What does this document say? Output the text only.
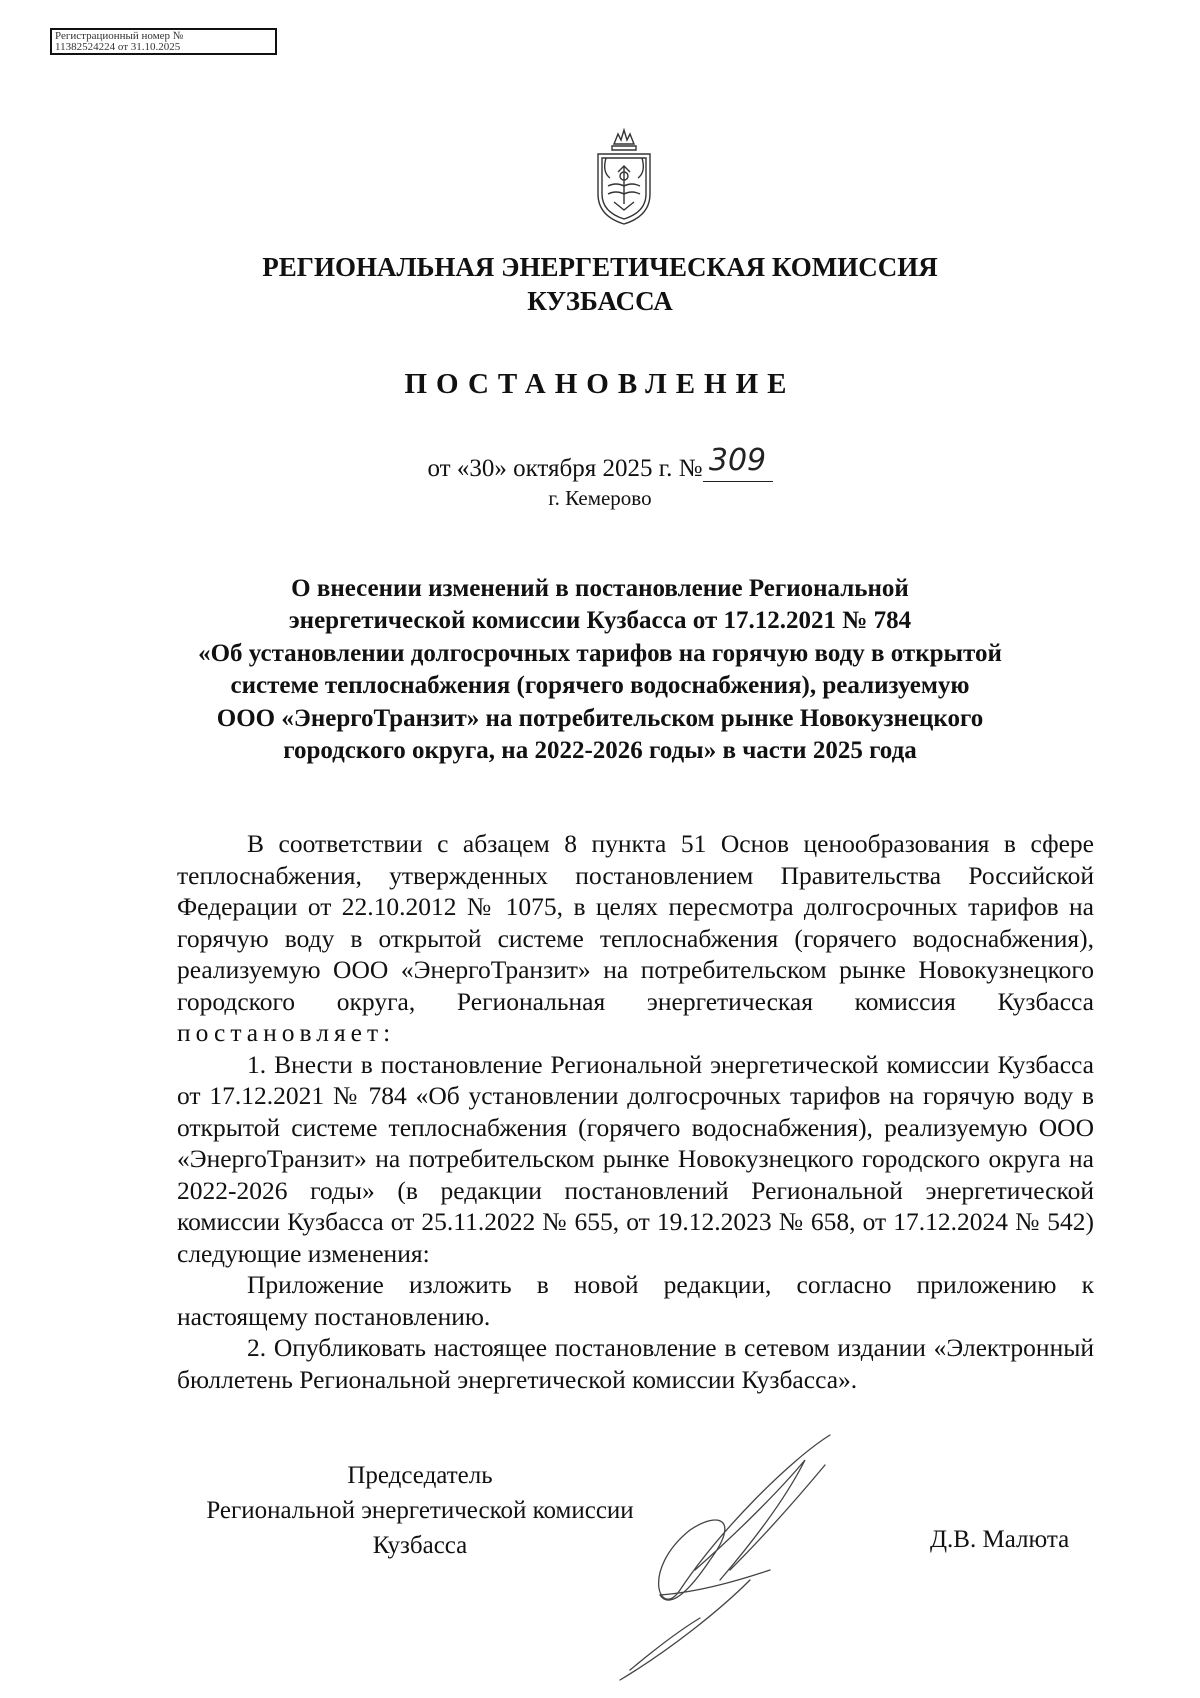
Регистрационный номер №
11382524224 от 31.10.2025
РЕГИОНАЛЬНАЯ ЭНЕРГЕТИЧЕСКАЯ КОМИССИЯ
КУЗБАССА
ПОСТАНОВЛЕНИЕ
от «30» октября 2025 г. № 309
г. Кемерово
О внесении изменений в постановление Региональной
энергетической комиссии Кузбасса от 17.12.2021 № 784
«Об установлении долгосрочных тарифов на горячую воду в открытой
системе теплоснабжения (горячего водоснабжения), реализуемую
ООО «ЭнергоТранзит» на потребительском рынке Новокузнецкого
городского округа, на 2022-2026 годы» в части 2025 года

В соответствии с абзацем 8 пункта 51 Основ ценообразования в сфере теплоснабжения, утвержденных постановлением Правительства Российской Федерации от 22.10.2012 № 1075, в целях пересмотра долгосрочных тарифов на горячую воду в открытой системе теплоснабжения (горячего водоснабжения), реализуемую ООО «ЭнергоТранзит» на потребительском рынке Новокузнецкого городского округа, Региональная энергетическая комиссия Кузбасса постановляет:

1. Внести в постановление Региональной энергетической комиссии Кузбасса от 17.12.2021 № 784 «Об установлении долгосрочных тарифов на горячую воду в открытой системе теплоснабжения (горячего водоснабжения), реализуемую ООО «ЭнергоТранзит» на потребительском рынке Новокузнецкого городского округа на 2022-2026 годы» (в редакции постановлений Региональной энергетической комиссии Кузбасса от 25.11.2022 № 655, от 19.12.2023 № 658, от 17.12.2024 № 542) следующие изменения:

Приложение изложить в новой редакции, согласно приложению к настоящему постановлению.

2. Опубликовать настоящее постановление в сетевом издании «Электронный бюллетень Региональной энергетической комиссии Кузбасса».

Председатель
Региональной энергетической комиссии
Кузбасса	Д.В. Малюта
